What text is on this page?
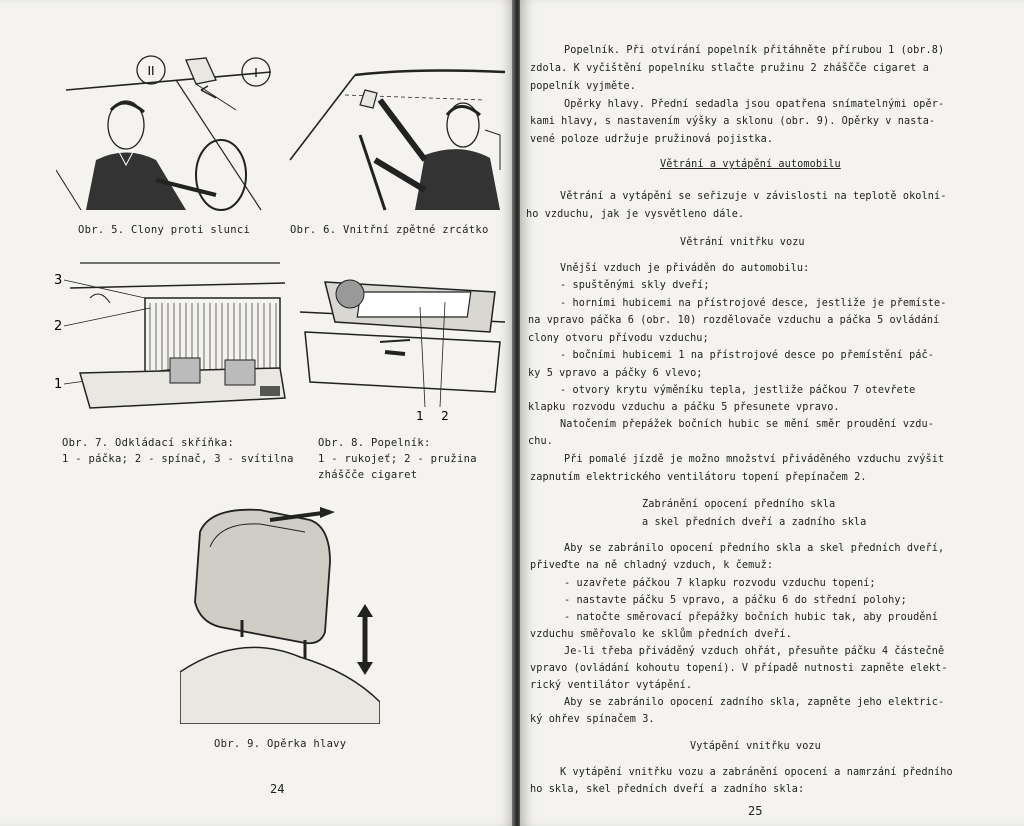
II	I
Obr. 5. Clony proti slunci	Obr. 6. Vnitřní zpětné zrcátko
3
2
1
1 2
Obr. 7. Odkládací skříňka:
1 - páčka; 2 - spínač, 3 - svítilna
Obr. 8. Popelník:
1 - rukojeť; 2 - pružina
zháščče cigaret
Obr. 9. Opěrka hlavy
24
Popelník. Při otvírání popelník přitáhněte přírubou 1 (obr.8)
zdola. K vyčištění popelníku stlačte pružinu 2 zháščče cigaret a
popelník vyjměte.
Opěrky hlavy. Přední sedadla jsou opatřena snímatelnými opěr-
kami hlavy, s nastavením výšky a sklonu (obr. 9). Opěrky v nasta-
vené poloze udržuje pružinová pojistka.
Větrání a vytápění automobilu
Větrání a vytápění se seřizuje v závislosti na teplotě okolní-
ho vzduchu, jak je vysvětleno dále.
Větrání vnitřku vozu
Vnější vzduch je přiváděn do automobilu:
- spuštěnými skly dveří;
- horními hubicemi na přístrojové desce, jestliže je přemíste-
na vpravo páčka 6 (obr. 10) rozdělovače vzduchu a páčka 5 ovládání
clony otvoru přívodu vzduchu;
- bočními hubicemi 1 na přístrojové desce po přemístění páč-
ky 5 vpravo a páčky 6 vlevo;
- otvory krytu výměníku tepla, jestliže páčkou 7 otevřete
klapku rozvodu vzduchu a páčku 5 přesunete vpravo.
Natočením přepážek bočních hubic se mění směr proudění vzdu-
chu.
Při pomalé jízdě je možno množství přiváděného vzduchu zvýšit
zapnutím elektrického ventilátoru topení přepínačem 2.
Zabránění opocení předního skla
a skel předních dveří a zadního skla
Aby se zabránilo opocení předního skla a skel předních dveří,
přiveďte na ně chladný vzduch, k čemuž:
- uzavřete páčkou 7 klapku rozvodu vzduchu topení;
- nastavte páčku 5 vpravo, a páčku 6 do střední polohy;
- natočte směrovací přepážky bočních hubic tak, aby proudění
vzduchu směřovalo ke sklům předních dveří.
Je-li třeba přiváděný vzduch ohřát, přesuňte páčku 4 částečně
vpravo (ovládání kohoutu topení). V případě nutnosti zapněte elekt-
rický ventilátor vytápění.
Aby se zabránilo opocení zadního skla, zapněte jeho elektric-
ký ohřev spínačem 3.
Vytápění vnitřku vozu
K vytápění vnitřku vozu a zabránění opocení a namrzání předního
ho skla, skel předních dveří a zadního skla:
25
